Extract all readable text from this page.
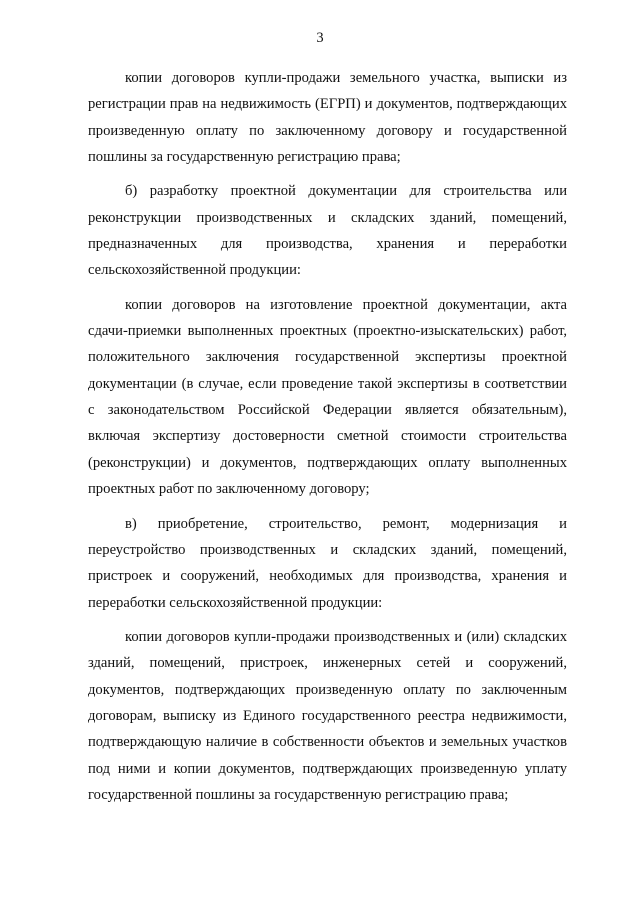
3

копии договоров купли-продажи земельного участка, выписки из регистрации прав на недвижимость (ЕГРП) и документов, подтверждающих произведенную оплату по заключенному договору и государственной пошлины за государственную регистрацию права;

б) разработку проектной документации для строительства или реконструкции производственных и складских зданий, помещений, предназначенных для производства, хранения и переработки сельскохозяйственной продукции:

копии договоров на изготовление проектной документации, акта сдачи-приемки выполненных проектных (проектно-изыскательских) работ, положительного заключения государственной экспертизы проектной документации (в случае, если проведение такой экспертизы в соответствии с законодательством Российской Федерации является обязательным), включая экспертизу достоверности сметной стоимости строительства (реконструкции) и документов, подтверждающих оплату выполненных проектных работ по заключенному договору;

в) приобретение, строительство, ремонт, модернизация и переустройство производственных и складских зданий, помещений, пристроек и сооружений, необходимых для производства, хранения и переработки сельскохозяйственной продукции:

копии договоров купли-продажи производственных и (или) складских зданий, помещений, пристроек, инженерных сетей и сооружений, документов, подтверждающих произведенную оплату по заключенным договорам, выписку из Единого государственного реестра недвижимости, подтверждающую наличие в собственности объектов и земельных участков под ними и копии документов, подтверждающих произведенную уплату государственной пошлины за государственную регистрацию права;
